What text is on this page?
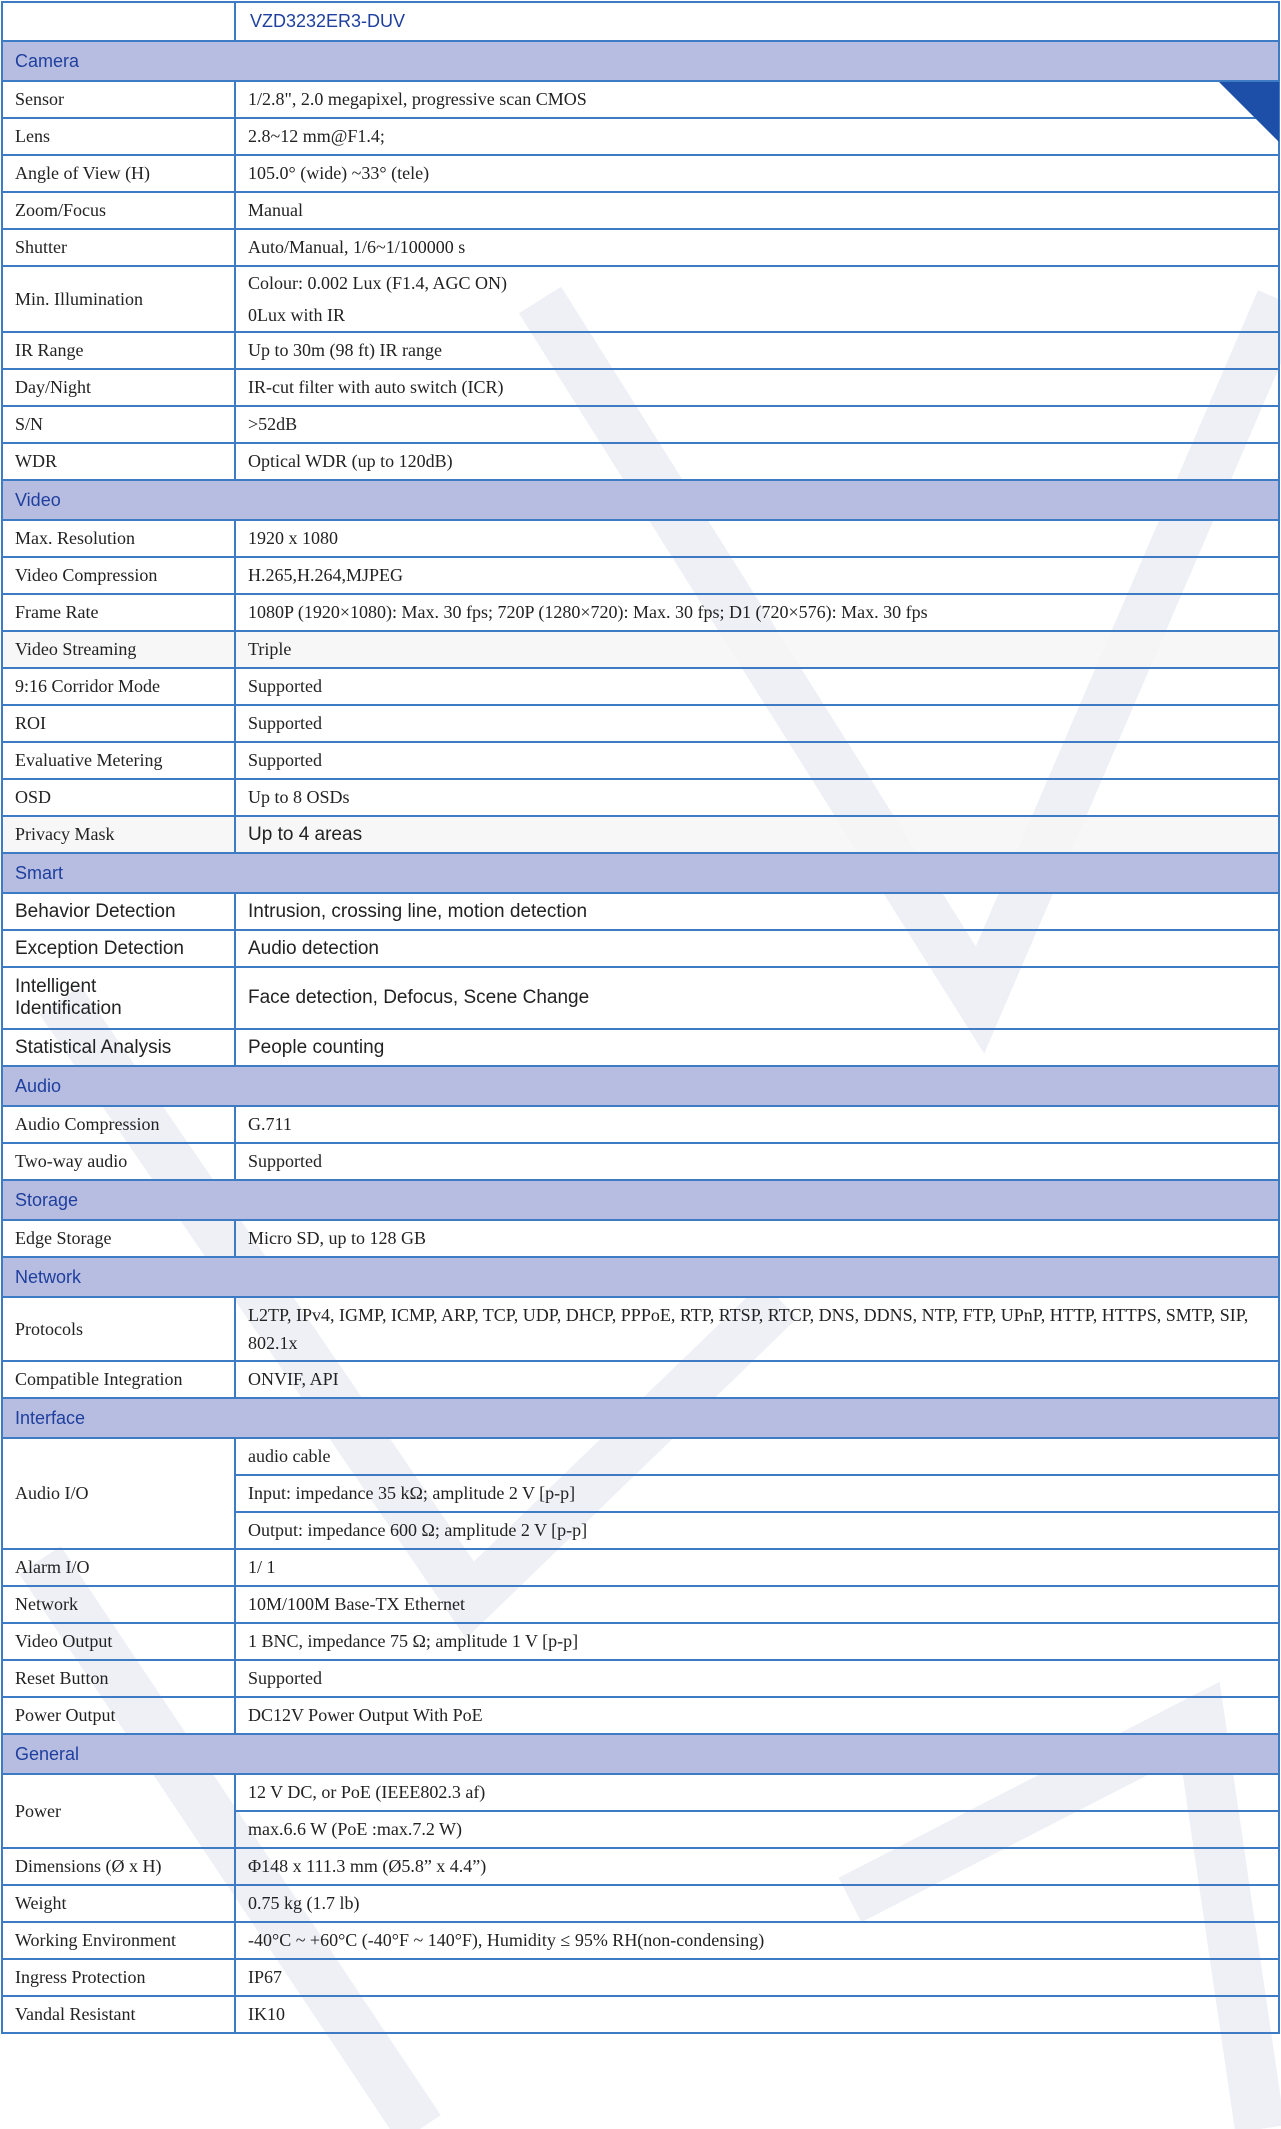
	VZD3232ER3-DUV
Camera	
Sensor	1/2.8", 2.0 megapixel, progressive scan CMOS
Lens	2.8~12 mm@F1.4;
Angle of View (H)	105.0° (wide) ~33° (tele)
Zoom/Focus	Manual
Shutter	Auto/Manual, 1/6~1/100000 s
Min. Illumination	Colour: 0.002 Lux (F1.4, AGC ON)
0Lux with IR

IR Range	Up to 30m (98 ft) IR range
Day/Night	IR-cut filter with auto switch (ICR)
S/N	>52dB
WDR	Optical WDR (up to 120dB)
Video	
Max. Resolution	1920 x 1080
Video Compression	H.265,H.264,MJPEG
Frame Rate	1080P (1920×1080): Max. 30 fps; 720P (1280×720): Max. 30 fps; D1 (720×576): Max. 30 fps
Video Streaming	Triple
9:16 Corridor Mode	Supported
ROI	Supported
Evaluative Metering	Supported
OSD	Up to 8 OSDs
Privacy Mask	Up to 4 areas
Smart	
Behavior Detection	Intrusion, crossing line, motion detection
Exception Detection	Audio detection

Intelligent
Identification	Face detection, Defocus, Scene Change
Statistical Analysis	People counting
Audio	
Audio Compression	G.711
Two-way audio	Supported
Storage	
Edge Storage	Micro SD, up to 128 GB
Network	
Protocols	L2TP, IPv4, IGMP, ICMP, ARP, TCP, UDP, DHCP, PPPoE, RTP, RTSP, RTCP, DNS, DDNS, NTP, FTP, UPnP, HTTP, HTTPS, SMTP, SIP,
802.1x

Compatible Integration	ONVIF, API
Interface	
Audio I/O	audio cable
	Input: impedance 35 kΩ; amplitude 2 V [p-p]
	Output: impedance 600 Ω; amplitude 2 V [p-p]
Alarm I/O	1/ 1
Network	10M/100M Base-TX Ethernet
Video Output	1 BNC, impedance 75 Ω; amplitude 1 V [p-p]
Reset Button	Supported
Power Output	DC12V Power Output With PoE
General	
Power	12 V DC, or PoE (IEEE802.3 af)
	max.6.6 W (PoE :max.7.2 W)
Dimensions (Ø x H)	Φ148 x 111.3 mm (Ø5.8” x 4.4”)
Weight	0.75 kg (1.7 lb)
Working Environment	-40°C ~ +60°C (-40°F ~ 140°F), Humidity ≤ 95% RH(non-condensing)
Ingress Protection	IP67
Vandal Resistant	IK10
